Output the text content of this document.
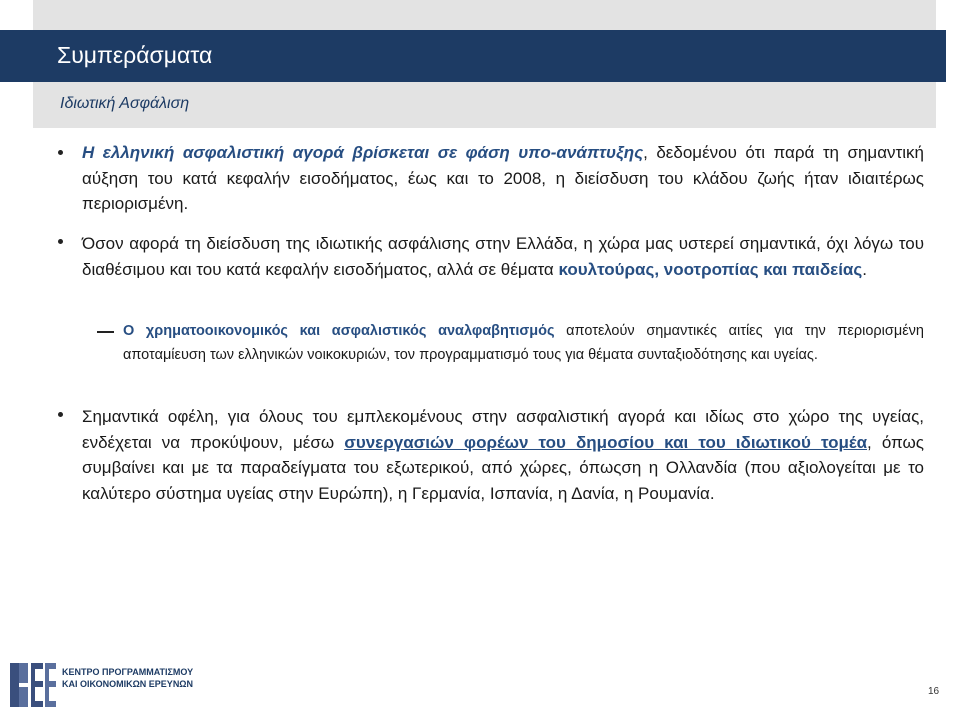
Συμπεράσματα
Ιδιωτική Ασφάλιση
Η ελληνική ασφαλιστική αγορά βρίσκεται σε φάση υπο-ανάπτυξης, δεδομένου ότι παρά τη σημαντική αύξηση του κατά κεφαλήν εισοδήματος, έως και το 2008, η διείσδυση του κλάδου ζωής ήταν ιδιαιτέρως περιορισμένη.
Όσον αφορά τη διείσδυση της ιδιωτικής ασφάλισης στην Ελλάδα, η χώρα μας υστερεί σημαντικά, όχι λόγω του διαθέσιμου και του κατά κεφαλήν εισοδήματος, αλλά σε θέματα κουλτούρας, νοοτροπίας και παιδείας.
Ο χρηματοοικονομικός και ασφαλιστικός αναλφαβητισμός αποτελούν σημαντικές αιτίες για την περιορισμένη αποταμίευση των ελληνικών νοικοκυριών, τον προγραμματισμό τους για θέματα συνταξιοδότησης και υγείας.
Σημαντικά οφέλη, για όλους του εμπλεκομένους στην ασφαλιστική αγορά και ιδίως στο χώρο της υγείας, ενδέχεται να προκύψουν, μέσω συνεργασιών φορέων του δημοσίου και του ιδιωτικού τομέα, όπως συμβαίνει και με τα παραδείγματα του εξωτερικού, από χώρες, όπωςση η Ολλανδία (που αξιολογείται με το καλύτερο σύστημα υγείας στην Ευρώπη), η Γερμανία, Ισπανία, η Δανία, η Ρουμανία.
ΚΕΝΤΡΟ ΠΡΟΓΡΑΜΜΑΤΙΣΜΟΥ
ΚΑΙ ΟΙΚΟΝΟΜΙΚΩΝ ΕΡΕΥΝΩΝ
16
